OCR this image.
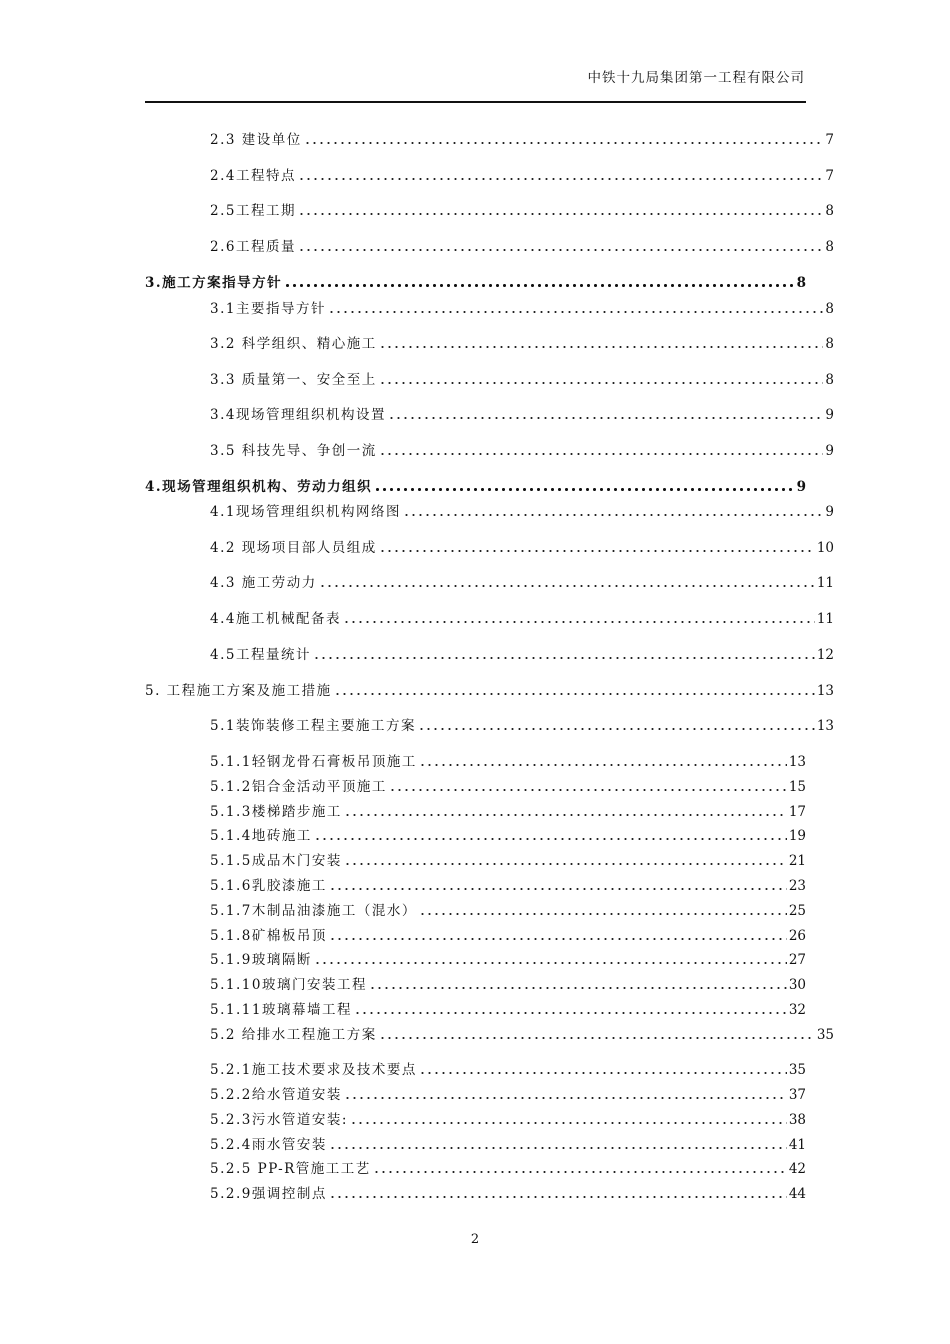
中铁十九局集团第一工程有限公司
2.3 建设单位	7
2.4工程特点	7
2.5工程工期	8
2.6工程质量	8
3.施工方案指导方针	8
3.1主要指导方针	8
3.2 科学组织、精心施工	8
3.3 质量第一、安全至上	8
3.4现场管理组织机构设置	9
3.5 科技先导、争创一流	9
4.现场管理组织机构、劳动力组织	9
4.1现场管理组织机构网络图	9
4.2 现场项目部人员组成	10
4.3 施工劳动力	11
4.4施工机械配备表	11
4.5工程量统计	12
5. 工程施工方案及施工措施	13
5.1装饰装修工程主要施工方案	13
5.1.1轻钢龙骨石膏板吊顶施工	13
5.1.2铝合金活动平顶施工	15
5.1.3楼梯踏步施工	17
5.1.4地砖施工	19
5.1.5成品木门安装	21
5.1.6乳胶漆施工	23
5.1.7木制品油漆施工（混水）	25
5.1.8矿棉板吊顶	26
5.1.9玻璃隔断	27
5.1.10玻璃门安装工程	30
5.1.11玻璃幕墙工程	32
5.2 给排水工程施工方案	35
5.2.1施工技术要求及技术要点	35
5.2.2给水管道安装	37
5.2.3污水管道安装:	38
5.2.4雨水管安装	41
5.2.5 PP-R管施工工艺	42
5.2.9强调控制点	44
2
